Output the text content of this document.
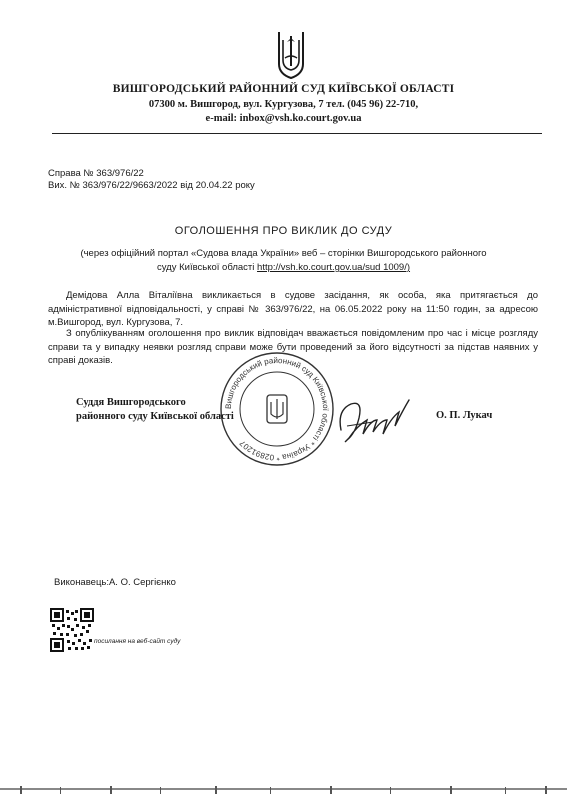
ВИШГОРОДСЬКИЙ РАЙОННИЙ СУД КИЇВСЬКОЇ ОБЛАСТІ
07300 м. Вишгород, вул. Кургузова, 7 тел. (045 96) 22-710,
e-mail: inbox@vsh.ko.court.gov.ua
Справа № 363/976/22
Вих. № 363/976/22/9663/2022 від 20.04.22 року
ОГОЛОШЕННЯ ПРО ВИКЛИК ДО СУДУ
(через офіційний портал «Судова влада України» веб – сторінки Вишгородського районного
суду Київської області http://vsh.ko.court.gov.ua/sud 1009/)
Демідова Алла Віталіївна викликається в судове засідання, як особа, яка притягається до адміністративної відповідальності, у справі № 363/976/22, на 06.05.2022 року на 11:50 годин, за адресою м.Вишгород, вул. Кургузова, 7.
З опублікуванням оголошення про виклик відповідач вважається повідомленим про час і місце розгляду справи та у випадку неявки розгляд справи може бути проведений за його відсутності за підстав наявних у справі доказів.
Вишгородський районний суд Київської області * Україна * 02891207
Суддя Вишгородського
районного суду Київської області	О. П. Лукач
Виконавець:А. О. Сергієнко
посилання на веб-сайт суду
